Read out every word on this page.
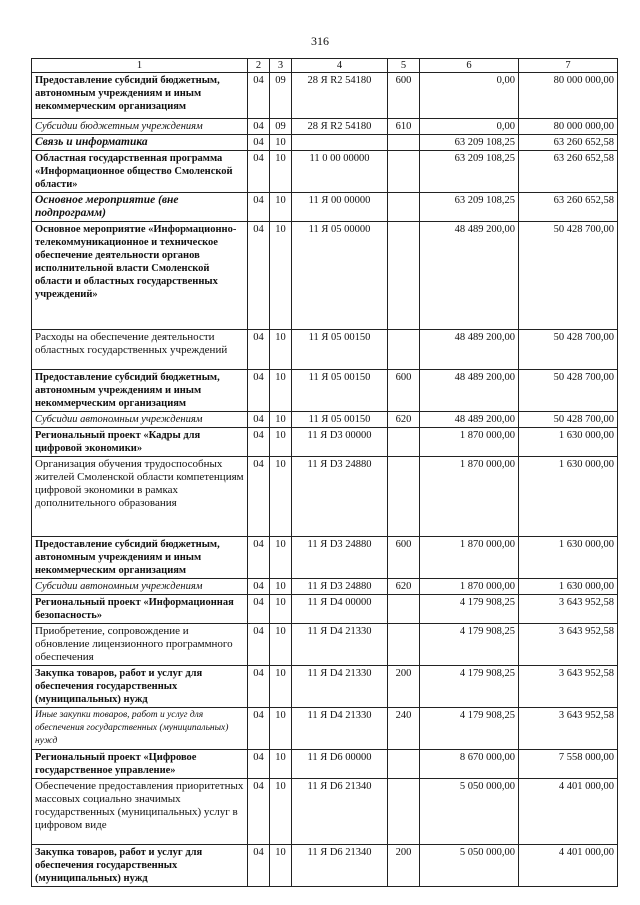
316
1	2	3	4	5	6	7
Предоставление субсидий бюджетным, автономным учреждениям и иным некоммерческим организациям	04	09	28 Я R2 54180	600	0,00	80 000 000,00
Субсидии бюджетным учреждениям	04	09	28 Я R2 54180	610	0,00	80 000 000,00
Связь и информатика	04	10			63 209 108,25	63 260 652,58
Областная государственная программа «Информационное общество Смоленской области»	04	10	11 0 00 00000		63 209 108,25	63 260 652,58
Основное мероприятие (вне подпрограмм)	04	10	11 Я 00 00000		63 209 108,25	63 260 652,58
Основное мероприятие «Информационно-телекоммуникационное и техническое обеспечение деятельности органов исполнительной власти Смоленской области и областных государственных учреждений»	04	10	11 Я 05 00000		48 489 200,00	50 428 700,00
Расходы на обеспечение деятельности областных государственных учреждений	04	10	11 Я 05 00150		48 489 200,00	50 428 700,00
Предоставление субсидий бюджетным, автономным учреждениям и иным некоммерческим организациям	04	10	11 Я 05 00150	600	48 489 200,00	50 428 700,00
Субсидии автономным учреждениям	04	10	11 Я 05 00150	620	48 489 200,00	50 428 700,00
Региональный проект «Кадры для цифровой экономики»	04	10	11 Я D3 00000		1 870 000,00	1 630 000,00
Организация обучения трудоспособных жителей Смоленской области компетенциям цифровой экономики в рамках дополнительного образования	04	10	11 Я D3 24880		1 870 000,00	1 630 000,00
Предоставление субсидий бюджетным, автономным учреждениям и иным некоммерческим организациям	04	10	11 Я D3 24880	600	1 870 000,00	1 630 000,00
Субсидии автономным учреждениям	04	10	11 Я D3 24880	620	1 870 000,00	1 630 000,00
Региональный проект «Информационная безопасность»	04	10	11 Я D4 00000		4 179 908,25	3 643 952,58
Приобретение, сопровождение и обновление лицензионного программного обеспечения	04	10	11 Я D4 21330		4 179 908,25	3 643 952,58
Закупка товаров, работ и услуг для обеспечения государственных (муниципальных) нужд	04	10	11 Я D4 21330	200	4 179 908,25	3 643 952,58
Иные закупки товаров, работ и услуг для обеспечения государственных (муниципальных) нужд	04	10	11 Я D4 21330	240	4 179 908,25	3 643 952,58
Региональный проект «Цифровое государственное управление»	04	10	11 Я D6 00000		8 670 000,00	7 558 000,00
Обеспечение предоставления приоритетных массовых социально значимых государственных (муниципальных) услуг в цифровом виде	04	10	11 Я D6 21340		5 050 000,00	4 401 000,00
Закупка товаров, работ и услуг для обеспечения государственных (муниципальных) нужд	04	10	11 Я D6 21340	200	5 050 000,00	4 401 000,00
